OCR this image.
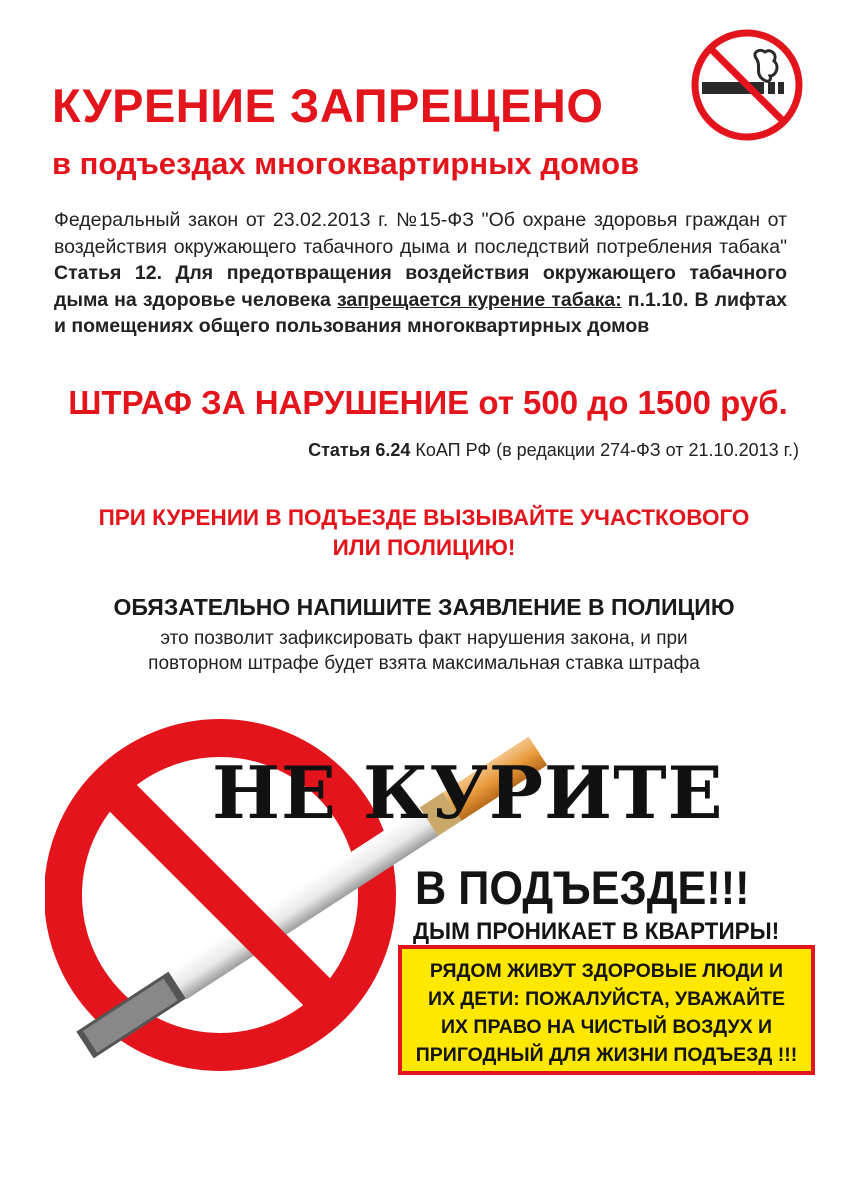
КУРЕНИЕ ЗАПРЕЩЕНО
в подъездах многоквартирных домов

Федеральный закон от 23.02.2013 г. №15-ФЗ "Об охране здоровья граждан от воздействия окружающего табачного дыма и последствий потребления табака" Статья 12. Для предотвращения воздействия окружающего табачного дыма на здоровье человека запрещается курение табака: п.1.10. В лифтах и помещениях общего пользования многоквартирных домов

ШТРАФ ЗА НАРУШЕНИЕ от 500 до 1500 руб.

Статья 6.24 КоАП РФ (в редакции 274-ФЗ от 21.10.2013 г.)

ПРИ КУРЕНИИ В ПОДЪЕЗДЕ ВЫЗЫВАЙТЕ УЧАСТКОВОГО
ИЛИ ПОЛИЦИЮ!

ОБЯЗАТЕЛЬНО НАПИШИТЕ ЗАЯВЛЕНИЕ В ПОЛИЦИЮ

это позволит зафиксировать факт нарушения закона, и при
повторном штрафе будет взята максимальная ставка штрафа

НЕ КУРИТЕ

В ПОДЪЕЗДЕ!!!

ДЫМ ПРОНИКАЕТ В КВАРТИРЫ!

РЯДОМ ЖИВУТ ЗДОРОВЫЕ ЛЮДИ И

ИХ ДЕТИ: ПОЖАЛУЙСТА, УВАЖАЙТЕ

ИХ ПРАВО НА ЧИСТЫЙ ВОЗДУХ И

ПРИГОДНЫЙ ДЛЯ ЖИЗНИ ПОДЪЕЗД !!!
